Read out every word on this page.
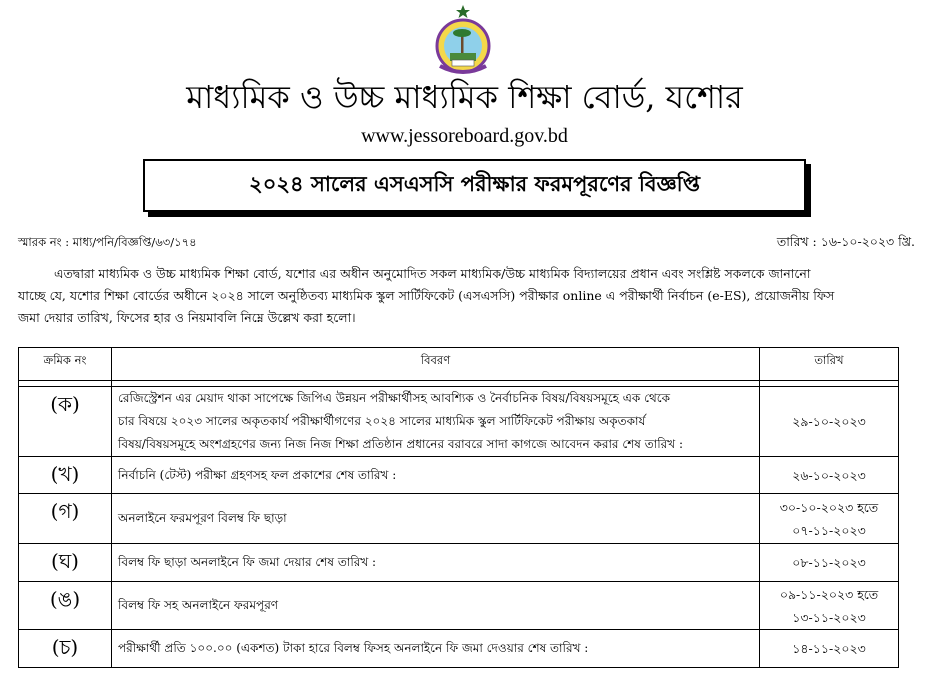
মাধ্যমিক ও উচ্চ মাধ্যমিক শিক্ষা বোর্ড, যশোর
www.jessoreboard.gov.bd
২০২৪ সালের এসএসসি পরীক্ষার ফরমপূরণের বিজ্ঞপ্তি
স্মারক নং : মাধ্য/পনি/বিজ্ঞপ্তি/৬৩/১৭৪	তারিখ : ১৬-১০-২০২৩ খ্রি.
এতদ্বারা মাধ্যমিক ও উচ্চ মাধ্যমিক শিক্ষা বোর্ড, যশোর এর অধীন অনুমোদিত সকল মাধ্যমিক/উচ্চ মাধ্যমিক বিদ্যালয়ের প্রধান এবং সংশ্লিষ্ট সকলকে জানানো
যাচ্ছে যে, যশোর শিক্ষা বোর্ডের অধীনে ২০২৪ সালে অনুষ্ঠিতব্য মাধ্যমিক স্কুল সার্টিফিকেট (এসএসসি) পরীক্ষার online এ পরীক্ষার্থী নির্বাচন (e-ES), প্রয়োজনীয় ফিস
জমা দেয়ার তারিখ, ফিসের হার ও নিয়মাবলি নিম্নে উল্লেখ করা হলো।
ক্রমিক নং	বিবরণ	তারিখ

(ক)	রেজিস্ট্রেশন এর মেয়াদ থাকা সাপেক্ষে জিপিএ উন্নয়ন পরীক্ষার্থীসহ আবশ্যিক ও নৈর্বাচনিক বিষয়/বিষয়সমূহে এক থেকে
চার বিষয়ে ২০২৩ সালের অকৃতকার্য পরীক্ষার্থীগণের ২০২৪ সালের মাধ্যমিক স্কুল সার্টিফিকেট পরীক্ষায় অকৃতকার্য
বিষয়/বিষয়সমূহে অংশগ্রহণের জন্য নিজ নিজ শিক্ষা প্রতিষ্ঠান প্রধানের বরাবরে সাদা কাগজে আবেদন করার শেষ তারিখ :	২৯-১০-২০২৩

(খ)	নির্বাচনি (টেস্ট) পরীক্ষা গ্রহণসহ ফল প্রকাশের শেষ তারিখ :	২৬-১০-২০২৩

(গ)	অনলাইনে ফরমপূরণ বিলম্ব ফি ছাড়া	৩০-১০-২০২৩ হতে
০৭-১১-২০২৩

(ঘ)	বিলম্ব ফি ছাড়া অনলাইনে ফি জমা দেয়ার শেষ তারিখ :	০৮-১১-২০২৩

(ঙ)	বিলম্ব ফি সহ অনলাইনে ফরমপূরণ	০৯-১১-২০২৩ হতে
১৩-১১-২০২৩

(চ)	পরীক্ষার্থী প্রতি ১০০.০০ (একশত) টাকা হারে বিলম্ব ফিসহ অনলাইনে ফি জমা দেওয়ার শেষ তারিখ :	১৪-১১-২০২৩
